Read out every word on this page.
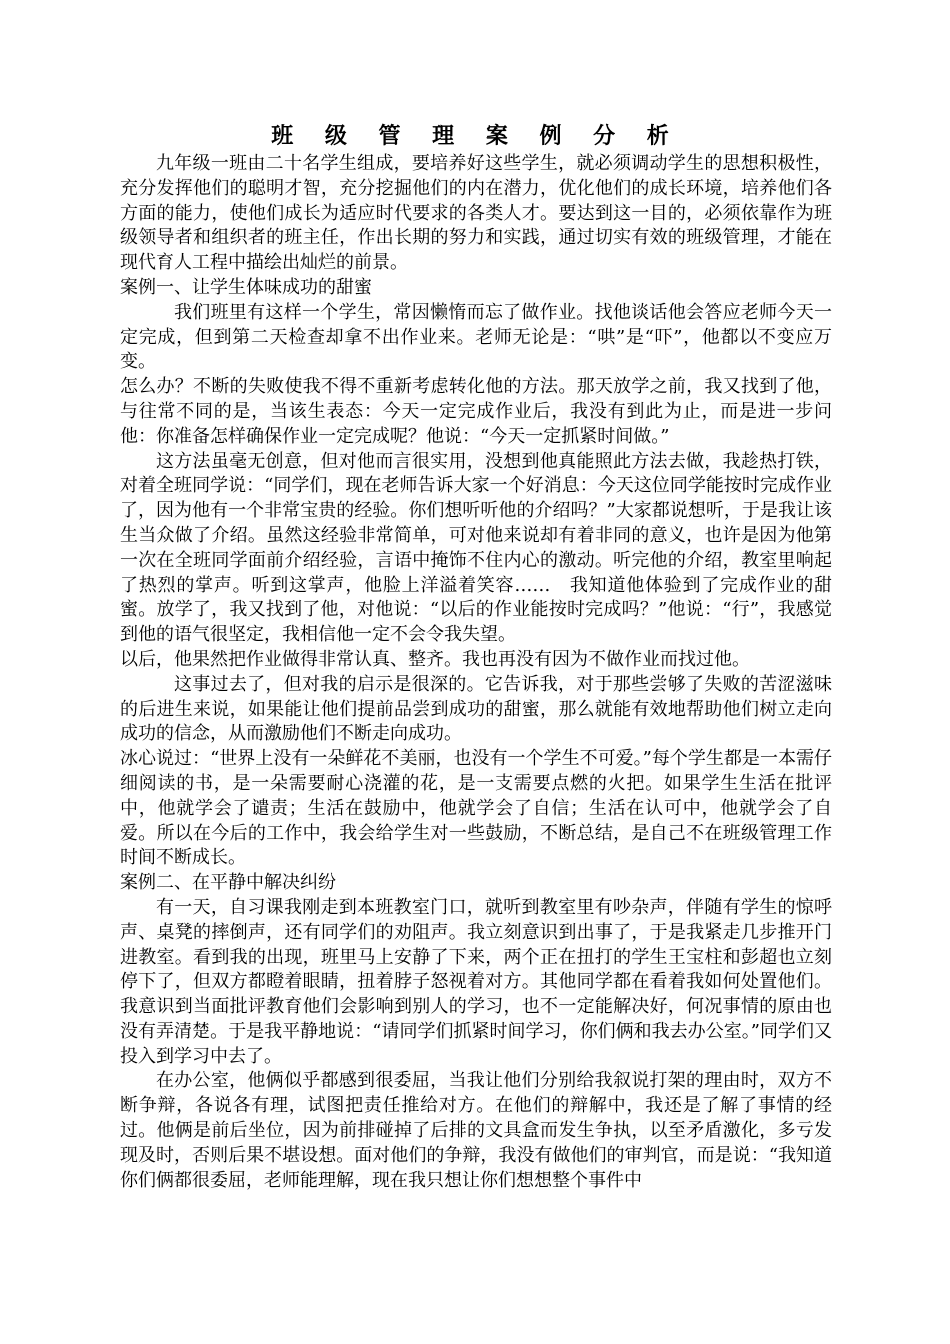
班 级 管 理 案 例 分 析

九年级一班由二十名学生组成，要培养好这些学生，就必须调动学生的思想积极性，充分发挥他们的聪明才智，充分挖掘他们的内在潜力，优化他们的成长环境，培养他们各方面的能力，使他们成长为适应时代要求的各类人才。要达到这一目的，必须依靠作为班级领导者和组织者的班主任，作出长期的努力和实践，通过切实有效的班级管理，才能在现代育人工程中描绘出灿烂的前景。

案例一、让学生体味成功的甜蜜

我们班里有这样一个学生，常因懒惰而忘了做作业。找他谈话他会答应老师今天一定完成，但到第二天检查却拿不出作业来。老师无论是：“哄”是“吓”，他都以不变应万变。

怎么办？不断的失败使我不得不重新考虑转化他的方法。那天放学之前，我又找到了他，与往常不同的是，当该生表态：今天一定完成作业后，我没有到此为止，而是进一步问他：你准备怎样确保作业一定完成呢？他说：“今天一定抓紧时间做。”

这方法虽毫无创意，但对他而言很实用，没想到他真能照此方法去做，我趁热打铁，对着全班同学说：“同学们，现在老师告诉大家一个好消息：今天这位同学能按时完成作业了，因为他有一个非常宝贵的经验。你们想听听他的介绍吗？”大家都说想听，于是我让该生当众做了介绍。虽然这经验非常简单，可对他来说却有着非同的意义，也许是因为他第一次在全班同学面前介绍经验，言语中掩饰不住内心的激动。听完他的介绍，教室里响起了热烈的掌声。听到这掌声，他脸上洋溢着笑容……　我知道他体验到了完成作业的甜蜜。放学了，我又找到了他，对他说：“以后的作业能按时完成吗？”他说：“行”，我感觉到他的语气很坚定，我相信他一定不会令我失望。

以后，他果然把作业做得非常认真、整齐。我也再没有因为不做作业而找过他。

这事过去了，但对我的启示是很深的。它告诉我，对于那些尝够了失败的苦涩滋味的后进生来说，如果能让他们提前品尝到成功的甜蜜，那么就能有效地帮助他们树立走向成功的信念，从而激励他们不断走向成功。

冰心说过：“世界上没有一朵鲜花不美丽，也没有一个学生不可爱。”每个学生都是一本需仔细阅读的书，是一朵需要耐心浇灌的花，是一支需要点燃的火把。如果学生生活在批评中，他就学会了谴责；生活在鼓励中，他就学会了自信；生活在认可中，他就学会了自爱。所以在今后的工作中，我会给学生对一些鼓励，不断总结，是自己不在班级管理工作时间不断成长。

案例二、在平静中解决纠纷

有一天，自习课我刚走到本班教室门口，就听到教室里有吵杂声，伴随有学生的惊呼声、桌凳的摔倒声，还有同学们的劝阻声。我立刻意识到出事了，于是我紧走几步推开门进教室。看到我的出现，班里马上安静了下来，两个正在扭打的学生王宝柱和彭超也立刻停下了，但双方都瞪着眼睛，扭着脖子怒视着对方。其他同学都在看着我如何处置他们。我意识到当面批评教育他们会影响到别人的学习，也不一定能解决好，何况事情的原由也没有弄清楚。于是我平静地说：“请同学们抓紧时间学习，你们俩和我去办公室。”同学们又投入到学习中去了。

在办公室，他俩似乎都感到很委屈，当我让他们分别给我叙说打架的理由时，双方不断争辩，各说各有理，试图把责任推给对方。在他们的辩解中，我还是了解了事情的经过。他俩是前后坐位，因为前排碰掉了后排的文具盒而发生争执，以至矛盾激化，多亏发现及时，否则后果不堪设想。面对他们的争辩，我没有做他们的审判官，而是说：“我知道你们俩都很委屈，老师能理解，现在我只想让你们想想整个事件中
